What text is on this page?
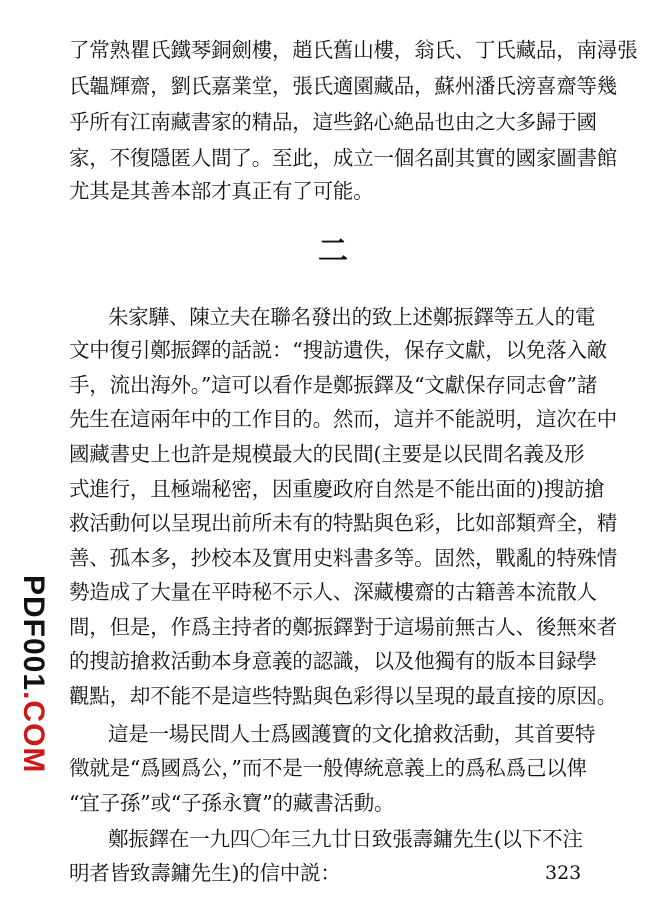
了常熟瞿氏鐵琴銅劍樓，趙氏舊山樓，翁氏、丁氏藏品，南潯張
氏韞輝齋，劉氏嘉業堂，張氏適園藏品，蘇州潘氏滂喜齋等幾
乎所有江南藏書家的精品，這些銘心絶品也由之大多歸于國
家，不復隱匿人間了。至此，成立一個名副其實的國家圖書館
尤其是其善本部才真正有了可能。
二
朱家驊、陳立夫在聯名發出的致上述鄭振鐸等五人的電
文中復引鄭振鐸的話説：“搜訪遺佚，保存文獻，以免落入敵
手，流出海外。”這可以看作是鄭振鐸及“文獻保存同志會”諸
先生在這兩年中的工作目的。然而，這并不能説明，這次在中
國藏書史上也許是規模最大的民間(主要是以民間名義及形
式進行，且極端秘密，因重慶政府自然是不能出面的)搜訪搶
救活動何以呈現出前所未有的特點與色彩，比如部類齊全，精
善、孤本多，抄校本及實用史料書多等。固然，戰亂的特殊情
勢造成了大量在平時秘不示人、深藏樓齋的古籍善本流散人
間，但是，作爲主持者的鄭振鐸對于這場前無古人、後無來者
的搜訪搶救活動本身意義的認識，以及他獨有的版本目録學
觀點，却不能不是這些特點與色彩得以呈現的最直接的原因。
這是一場民間人士爲國護寶的文化搶救活動，其首要特
徵就是“爲國爲公，”而不是一般傳統意義上的爲私爲己以俾
“宜子孫”或“子孫永寶”的藏書活動。
鄭振鐸在一九四〇年三九廿日致張壽鏞先生(以下不注
明者皆致壽鏞先生)的信中説：
PDF001.COM
323
